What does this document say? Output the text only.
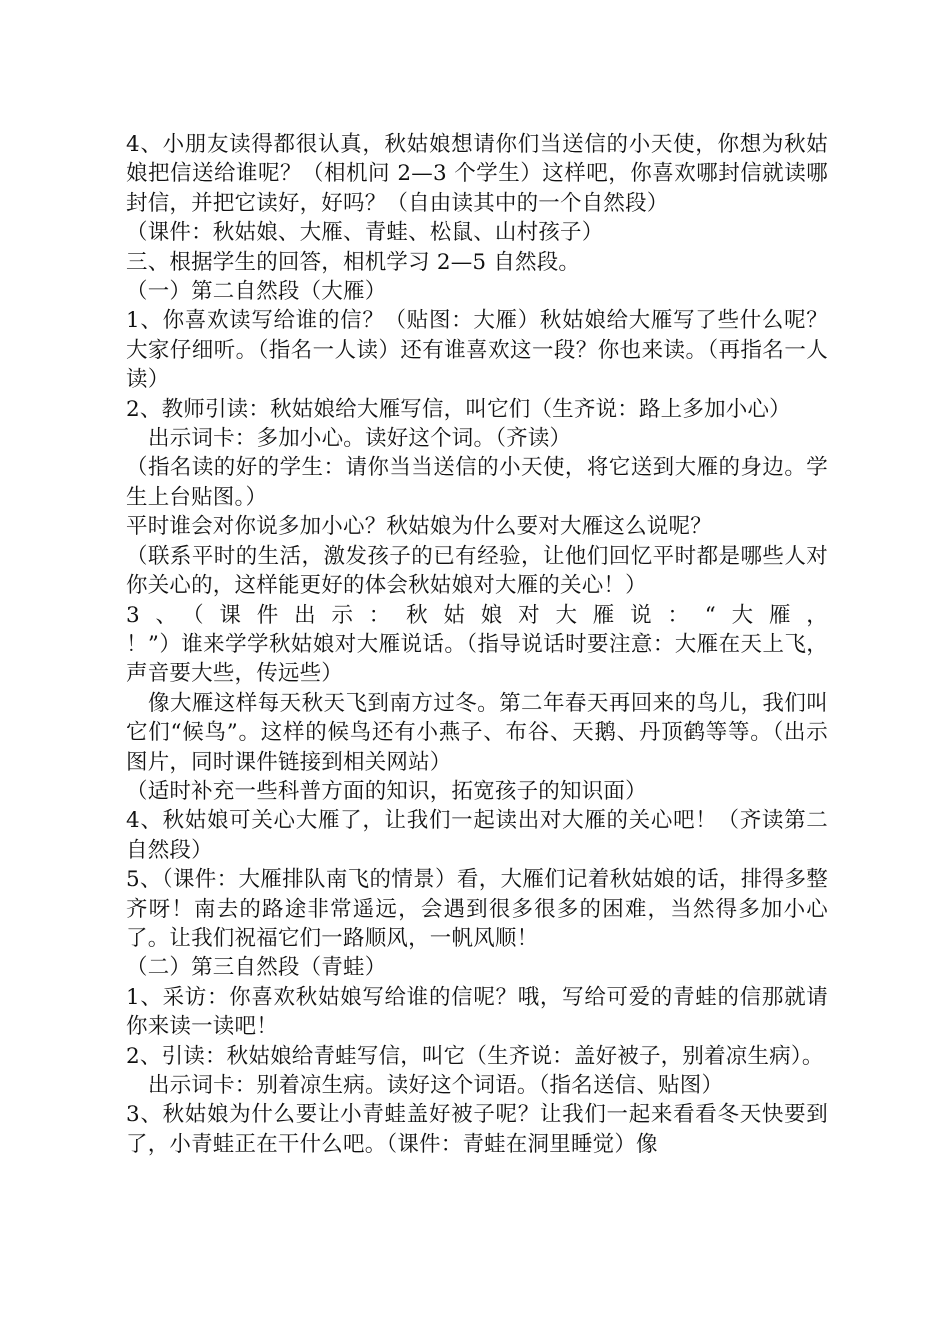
4、小朋友读得都很认真，秋姑娘想请你们当送信的小天使，你想为秋姑娘把信送给谁呢？（相机问 2—3 个学生）这样吧，你喜欢哪封信就读哪封信，并把它读好，好吗？（自由读其中的一个自然段）

（课件：秋姑娘、大雁、青蛙、松鼠、山村孩子）

三、根据学生的回答，相机学习 2—5 自然段。

（一）第二自然段（大雁）

1、你喜欢读写给谁的信？（贴图：大雁）秋姑娘给大雁写了些什么呢？大家仔细听。（指名一人读）还有谁喜欢这一段？你也来读。（再指名一人读）

2、教师引读：秋姑娘给大雁写信，叫它们（生齐说：路上多加小心）

出示词卡：多加小心。读好这个词。（齐读）

（指名读的好的学生：请你当当送信的小天使，将它送到大雁的身边。学生上台贴图。）

平时谁会对你说多加小心？秋姑娘为什么要对大雁这么说呢？

（联系平时的生活，激发孩子的已有经验，让他们回忆平时都是哪些人对你关心的，这样能更好的体会秋姑娘对大雁的关心！）

3、（课件出示：秋姑娘对大雁说：“大雁，

！”）谁来学学秋姑娘对大雁说话。（指导说话时要注意：大雁在天上飞，声音要大些，传远些）

像大雁这样每天秋天飞到南方过冬。第二年春天再回来的鸟儿，我们叫它们“候鸟”。这样的候鸟还有小燕子、布谷、天鹅、丹顶鹤等等。（出示图片，同时课件链接到相关网站）

（适时补充一些科普方面的知识，拓宽孩子的知识面）

4、秋姑娘可关心大雁了，让我们一起读出对大雁的关心吧！（齐读第二自然段）

5、（课件：大雁排队南飞的情景）看，大雁们记着秋姑娘的话，排得多整齐呀！南去的路途非常遥远，会遇到很多很多的困难，当然得多加小心了。让我们祝福它们一路顺风，一帆风顺！

（二）第三自然段（青蛙）

1、采访：你喜欢秋姑娘写给谁的信呢？哦，写给可爱的青蛙的信那就请你来读一读吧！

2、引读：秋姑娘给青蛙写信，叫它（生齐说：盖好被子，别着凉生病）。

出示词卡：别着凉生病。读好这个词语。（指名送信、贴图）

3、秋姑娘为什么要让小青蛙盖好被子呢？让我们一起来看看冬天快要到了，小青蛙正在干什么吧。（课件：青蛙在洞里睡觉）像
